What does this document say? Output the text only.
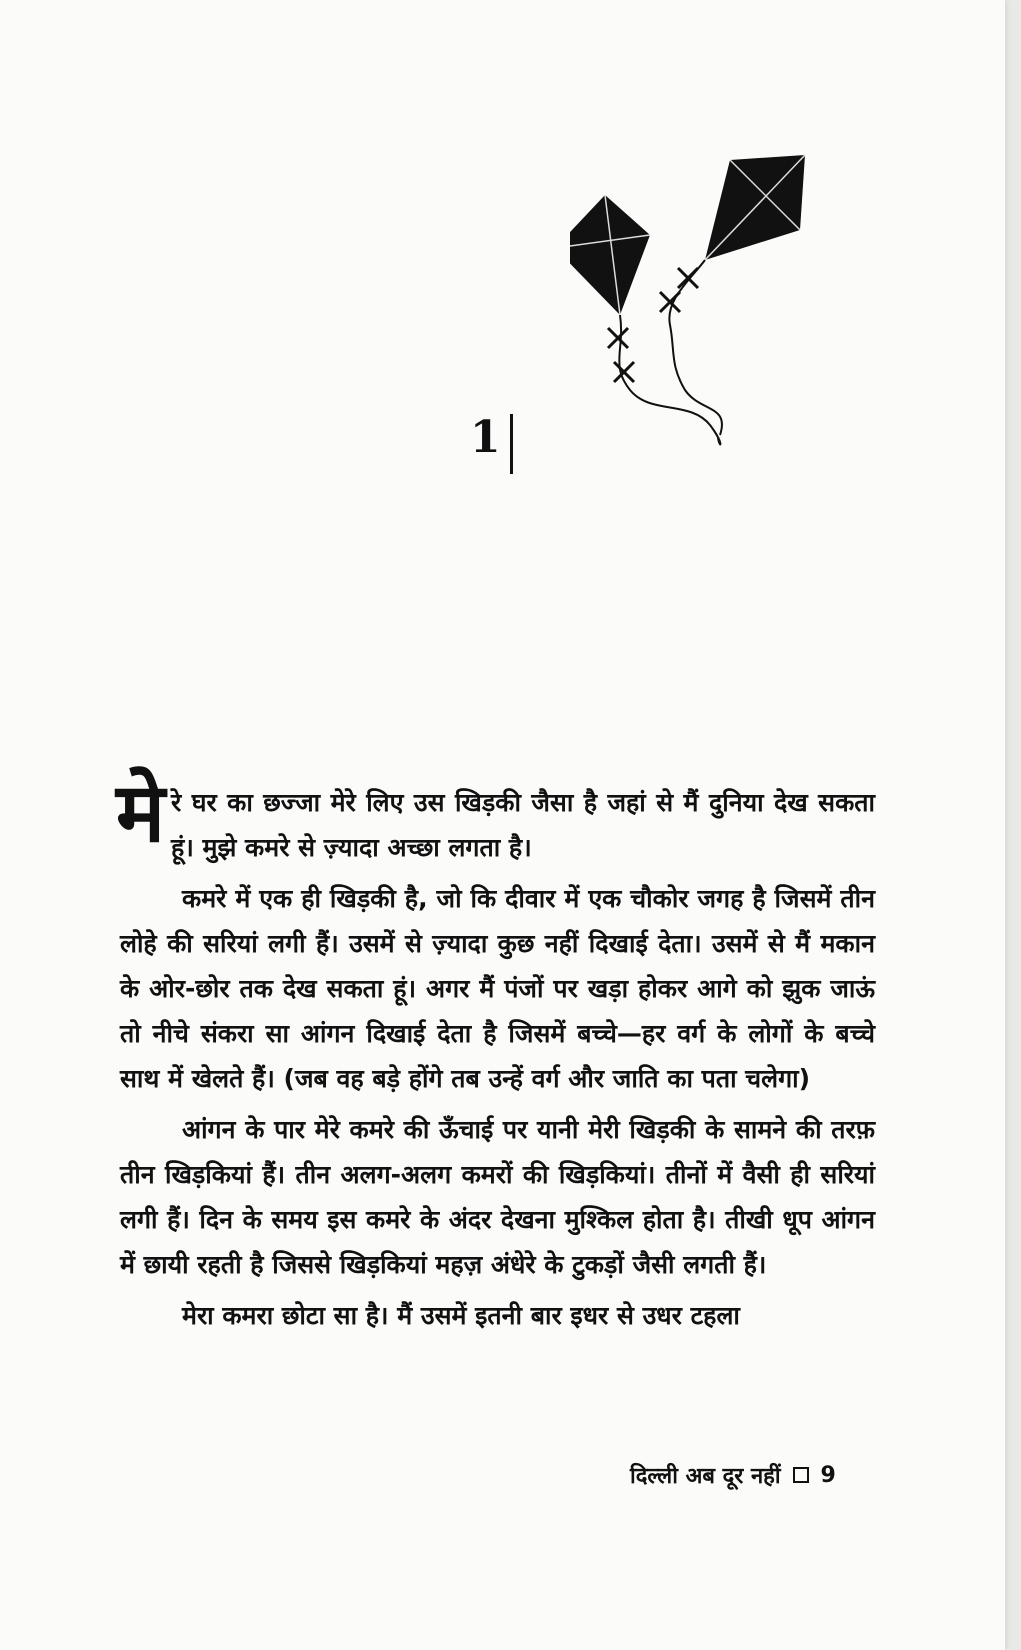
1

मेरे घर का छज्जा मेरे लिए उस खिड़की जैसा है जहां से मैं दुनिया देख सकता हूं। मुझे कमरे से ज़्यादा अच्छा लगता है।

कमरे में एक ही खिड़की है, जो कि दीवार में एक चौकोर जगह है जिसमें तीन लोहे की सरियां लगी हैं। उसमें से ज़्यादा कुछ नहीं दिखाई देता। उसमें से मैं मकान के ओर-छोर तक देख सकता हूं। अगर मैं पंजों पर खड़ा होकर आगे को झुक जाऊं तो नीचे संकरा सा आंगन दिखाई देता है जिसमें बच्चे—हर वर्ग के लोगों के बच्चे साथ में खेलते हैं। (जब वह बड़े होंगे तब उन्हें वर्ग और जाति का पता चलेगा)

आंगन के पार मेरे कमरे की ऊँचाई पर यानी मेरी खिड़की के सामने की तरफ़ तीन खिड़कियां हैं। तीन अलग-अलग कमरों की खिड़कियां। तीनों में वैसी ही सरियां लगी हैं। दिन के समय इस कमरे के अंदर देखना मुश्किल होता है। तीखी धूप आंगन में छायी रहती है जिससे खिड़कियां महज़ अंधेरे के टुकड़ों जैसी लगती हैं।

मेरा कमरा छोटा सा है। मैं उसमें इतनी बार इधर से उधर टहला

दिल्ली अब दूर नहीं 9
